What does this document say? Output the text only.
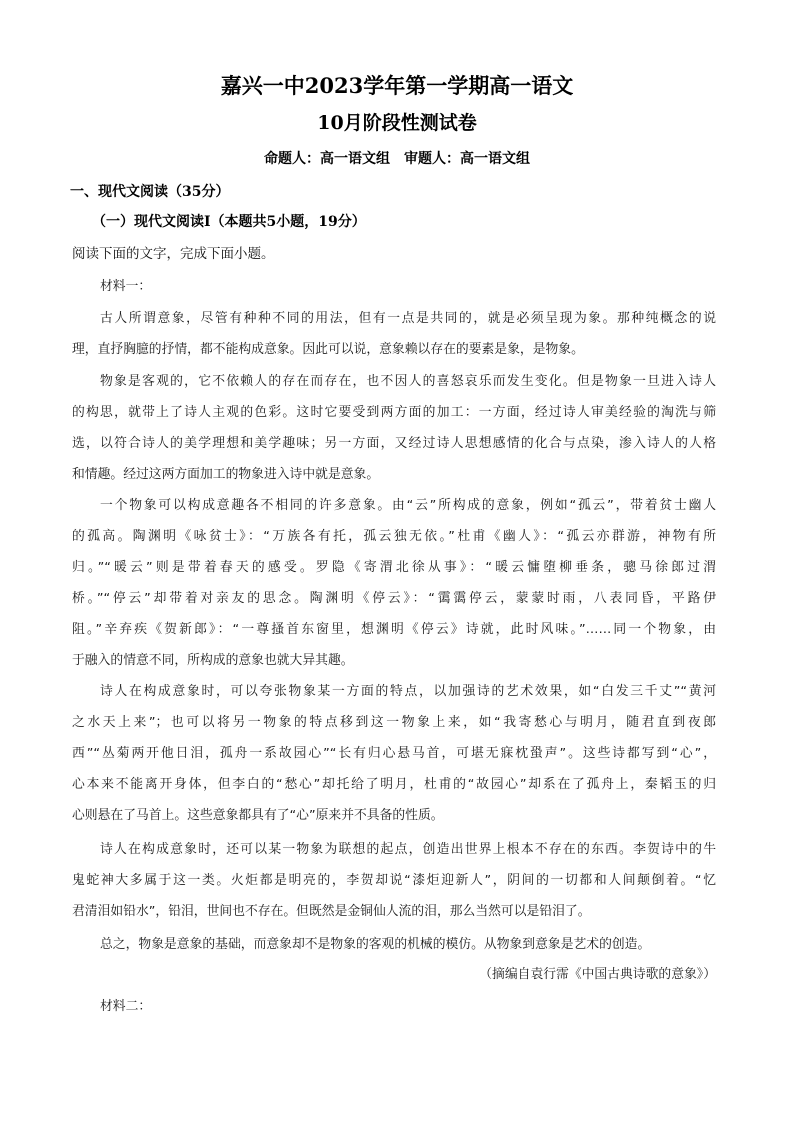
嘉兴一中2023学年第一学期高一语文
10月阶段性测试卷
命题人：高一语文组　审题人：高一语文组
一、现代文阅读（35分）
（一）现代文阅读Ⅰ（本题共5小题，19分）
阅读下面的文字，完成下面小题。
材料一：
古人所谓意象，尽管有种种不同的用法，但有一点是共同的，就是必须呈现为象。那种纯概念的说
理，直抒胸臆的抒情，都不能构成意象。因此可以说，意象赖以存在的要素是象，是物象。
物象是客观的，它不依赖人的存在而存在，也不因人的喜怒哀乐而发生变化。但是物象一旦进入诗人
的构思，就带上了诗人主观的色彩。这时它要受到两方面的加工：一方面，经过诗人审美经验的淘洗与筛
选，以符合诗人的美学理想和美学趣味；另一方面，又经过诗人思想感情的化合与点染，渗入诗人的人格
和情趣。经过这两方面加工的物象进入诗中就是意象。
一个物象可以构成意趣各不相同的许多意象。由“云”所构成的意象，例如“孤云”，带着贫士幽人
的孤高。陶渊明《咏贫士》：“万族各有托，孤云独无依。”杜甫《幽人》：“孤云亦群游，神物有所
归。”“暖云”则是带着春天的感受。罗隐《寄渭北徐从事》：“暖云慵堕柳垂条，骢马徐郎过渭
桥。”“停云”却带着对亲友的思念。陶渊明《停云》：“霭霭停云，蒙蒙时雨，八表同昏，平路伊
阻。”辛弃疾《贺新郎》：“一尊搔首东窗里，想渊明《停云》诗就，此时风味。”……同一个物象，由
于融入的情意不同，所构成的意象也就大异其趣。
诗人在构成意象时，可以夸张物象某一方面的特点，以加强诗的艺术效果，如“白发三千丈”“黄河
之水天上来”；也可以将另一物象的特点移到这一物象上来，如“我寄愁心与明月，随君直到夜郎
西”“丛菊两开他日泪，孤舟一系故园心”“长有归心悬马首，可堪无寐枕蛩声”。这些诗都写到“心”，
心本来不能离开身体，但李白的“愁心”却托给了明月，杜甫的“故园心”却系在了孤舟上，秦韬玉的归
心则悬在了马首上。这些意象都具有了“心”原来并不具备的性质。
诗人在构成意象时，还可以某一物象为联想的起点，创造出世界上根本不存在的东西。李贺诗中的牛
鬼蛇神大多属于这一类。火炬都是明亮的，李贺却说“漆炬迎新人”，阴间的一切都和人间颠倒着。“忆
君清泪如铅水”，铅泪，世间也不存在。但既然是金铜仙人流的泪，那么当然可以是铅泪了。
总之，物象是意象的基础，而意象却不是物象的客观的机械的模仿。从物象到意象是艺术的创造。
（摘编自袁行霈《中国古典诗歌的意象》）
材料二：
